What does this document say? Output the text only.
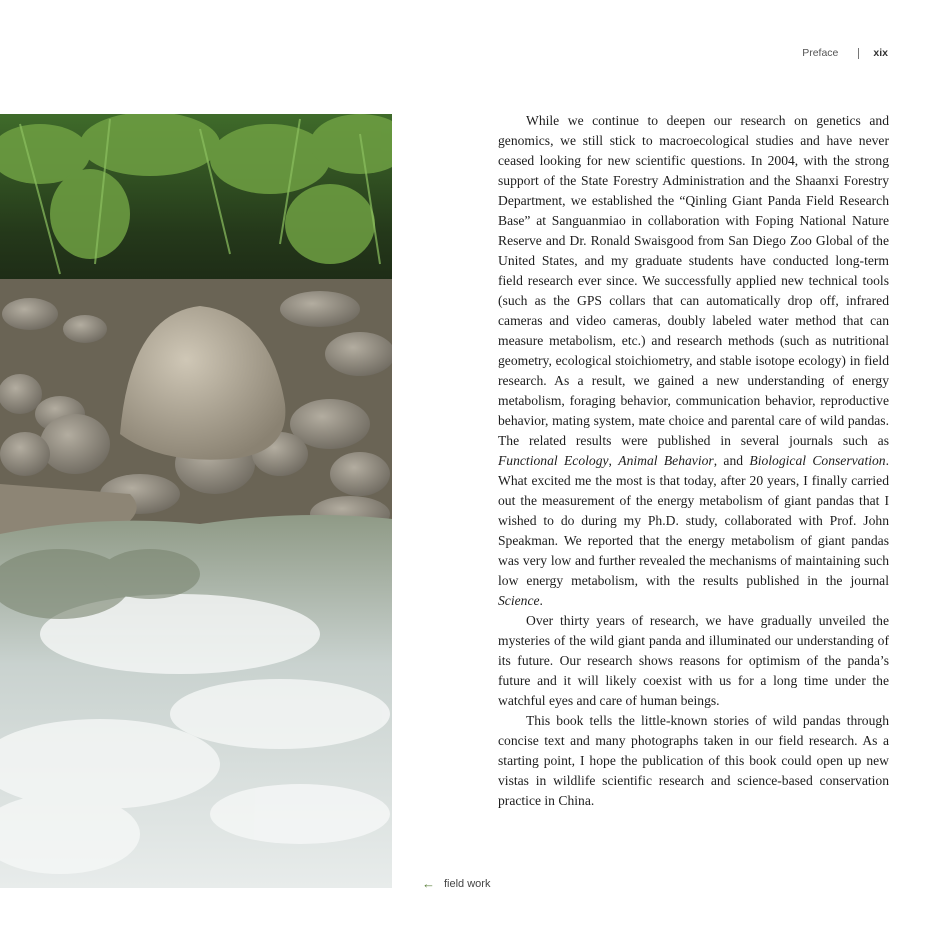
Preface	xix

While we continue to deepen our research on genetics and genomics, we still stick to macroecological studies and have never ceased looking for new scientific questions. In 2004, with the strong support of the State Forestry Administration and the Shaanxi Forestry Department, we established the “Qinling Giant Panda Field Research Base” at Sanguanmiao in collaboration with Foping National Nature Reserve and Dr. Ronald Swaisgood from San Diego Zoo Global of the United States, and my graduate students have conducted long-term field research ever since. We successfully applied new technical tools (such as the GPS collars that can automatically drop off, infrared cameras and video cameras, doubly labeled water method that can measure metabolism, etc.) and research methods (such as nutritional geometry, ecological stoichiometry, and stable isotope ecology) in field research. As a result, we gained a new understanding of energy metabolism, foraging behavior, communication behavior, reproductive behavior, mating system, mate choice and parental care of wild pandas. The related results were published in several journals such as Functional Ecology, Animal Behavior, and Biological Conservation. What excited me the most is that today, after 20 years, I finally carried out the measurement of the energy metabolism of giant pandas that I wished to do during my Ph.D. study, collaborated with Prof. John Speakman. We reported that the energy metabolism of giant pandas was very low and further revealed the mechanisms of maintaining such low energy metabolism, with the results published in the journal Science.

Over thirty years of research, we have gradually unveiled the mysteries of the wild giant panda and illuminated our understanding of its future. Our research shows reasons for optimism of the panda’s future and it will likely coexist with us for a long time under the watchful eyes and care of human beings.

This book tells the little-known stories of wild pandas through concise text and many photographs taken in our field research. As a starting point, I hope the publication of this book could open up new vistas in wildlife scientific research and science-based conservation practice in China.

← field work
